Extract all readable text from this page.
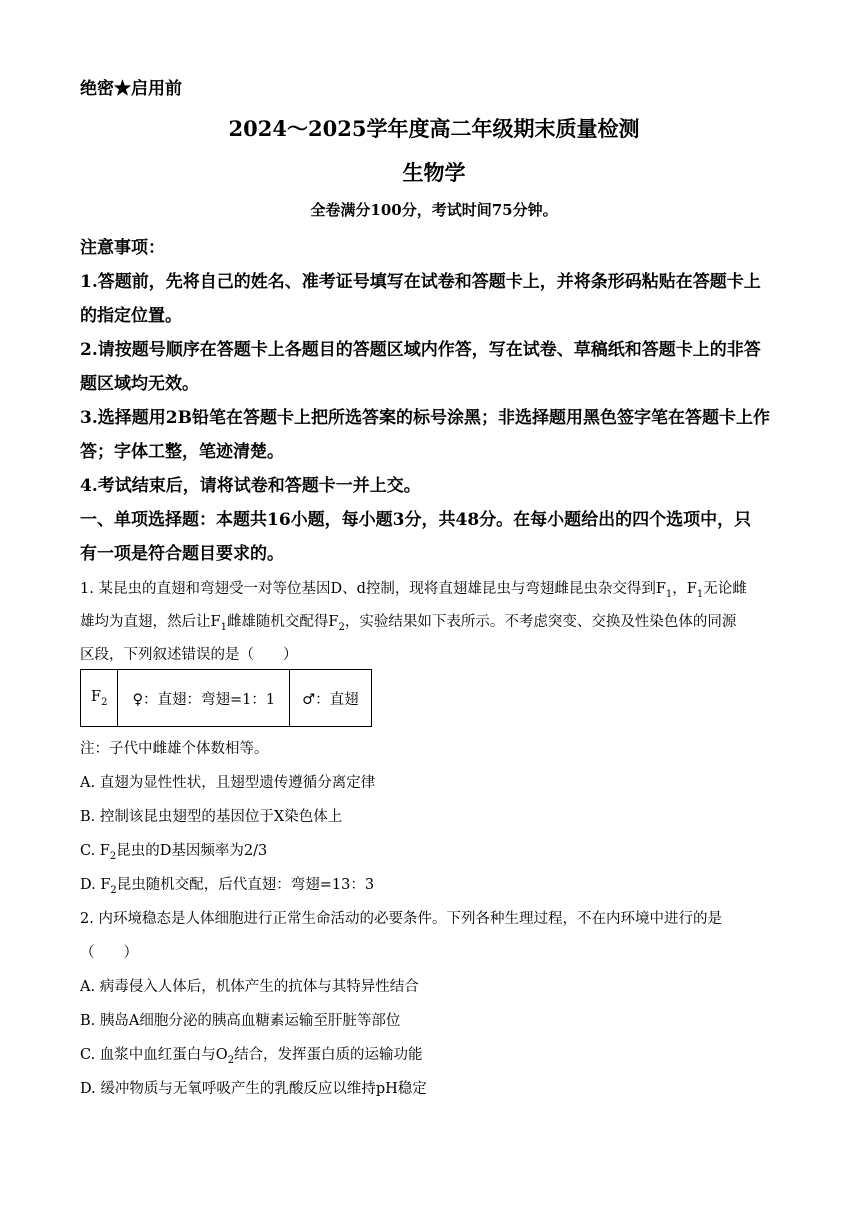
绝密★启用前
2024～2025学年度高二年级期末质量检测
生物学
全卷满分100分，考试时间75分钟。
注意事项：
1.答题前，先将自己的姓名、准考证号填写在试卷和答题卡上，并将条形码粘贴在答题卡上
的指定位置。
2.请按题号顺序在答题卡上各题目的答题区域内作答，写在试卷、草稿纸和答题卡上的非答
题区域均无效。
3.选择题用2B铅笔在答题卡上把所选答案的标号涂黑；非选择题用黑色签字笔在答题卡上作
答；字体工整，笔迹清楚。
4.考试结束后，请将试卷和答题卡一并上交。
一、单项选择题：本题共16小题，每小题3分，共48分。在每小题给出的四个选项中，只
有一项是符合题目要求的。
1. 某昆虫的直翅和弯翅受一对等位基因D、d控制，现将直翅雄昆虫与弯翅雌昆虫杂交得到$F_1$，$F_1$无论雌
雄均为直翅，然后让$F_1$雌雄随机交配得$F_2$，实验结果如下表所示。不考虑突变、交换及性染色体的同源
区段，下列叙述错误的是（　　）
$F_2$	♀：直翅：弯翅=1：1	♂：直翅
注：子代中雌雄个体数相等。
A. 直翅为显性性状，且翅型遗传遵循分离定律
B. 控制该昆虫翅型的基因位于X染色体上
C. $F_2$昆虫的D基因频率为2/3
D. $F_2$昆虫随机交配，后代直翅：弯翅=13：3
2. 内环境稳态是人体细胞进行正常生命活动的必要条件。下列各种生理过程，不在内环境中进行的是
（　　）
A. 病毒侵入人体后，机体产生的抗体与其特异性结合
B. 胰岛A细胞分泌的胰高血糖素运输至肝脏等部位
C. 血浆中血红蛋白与$O_2$结合，发挥蛋白质的运输功能
D. 缓冲物质与无氧呼吸产生的乳酸反应以维持pH稳定
